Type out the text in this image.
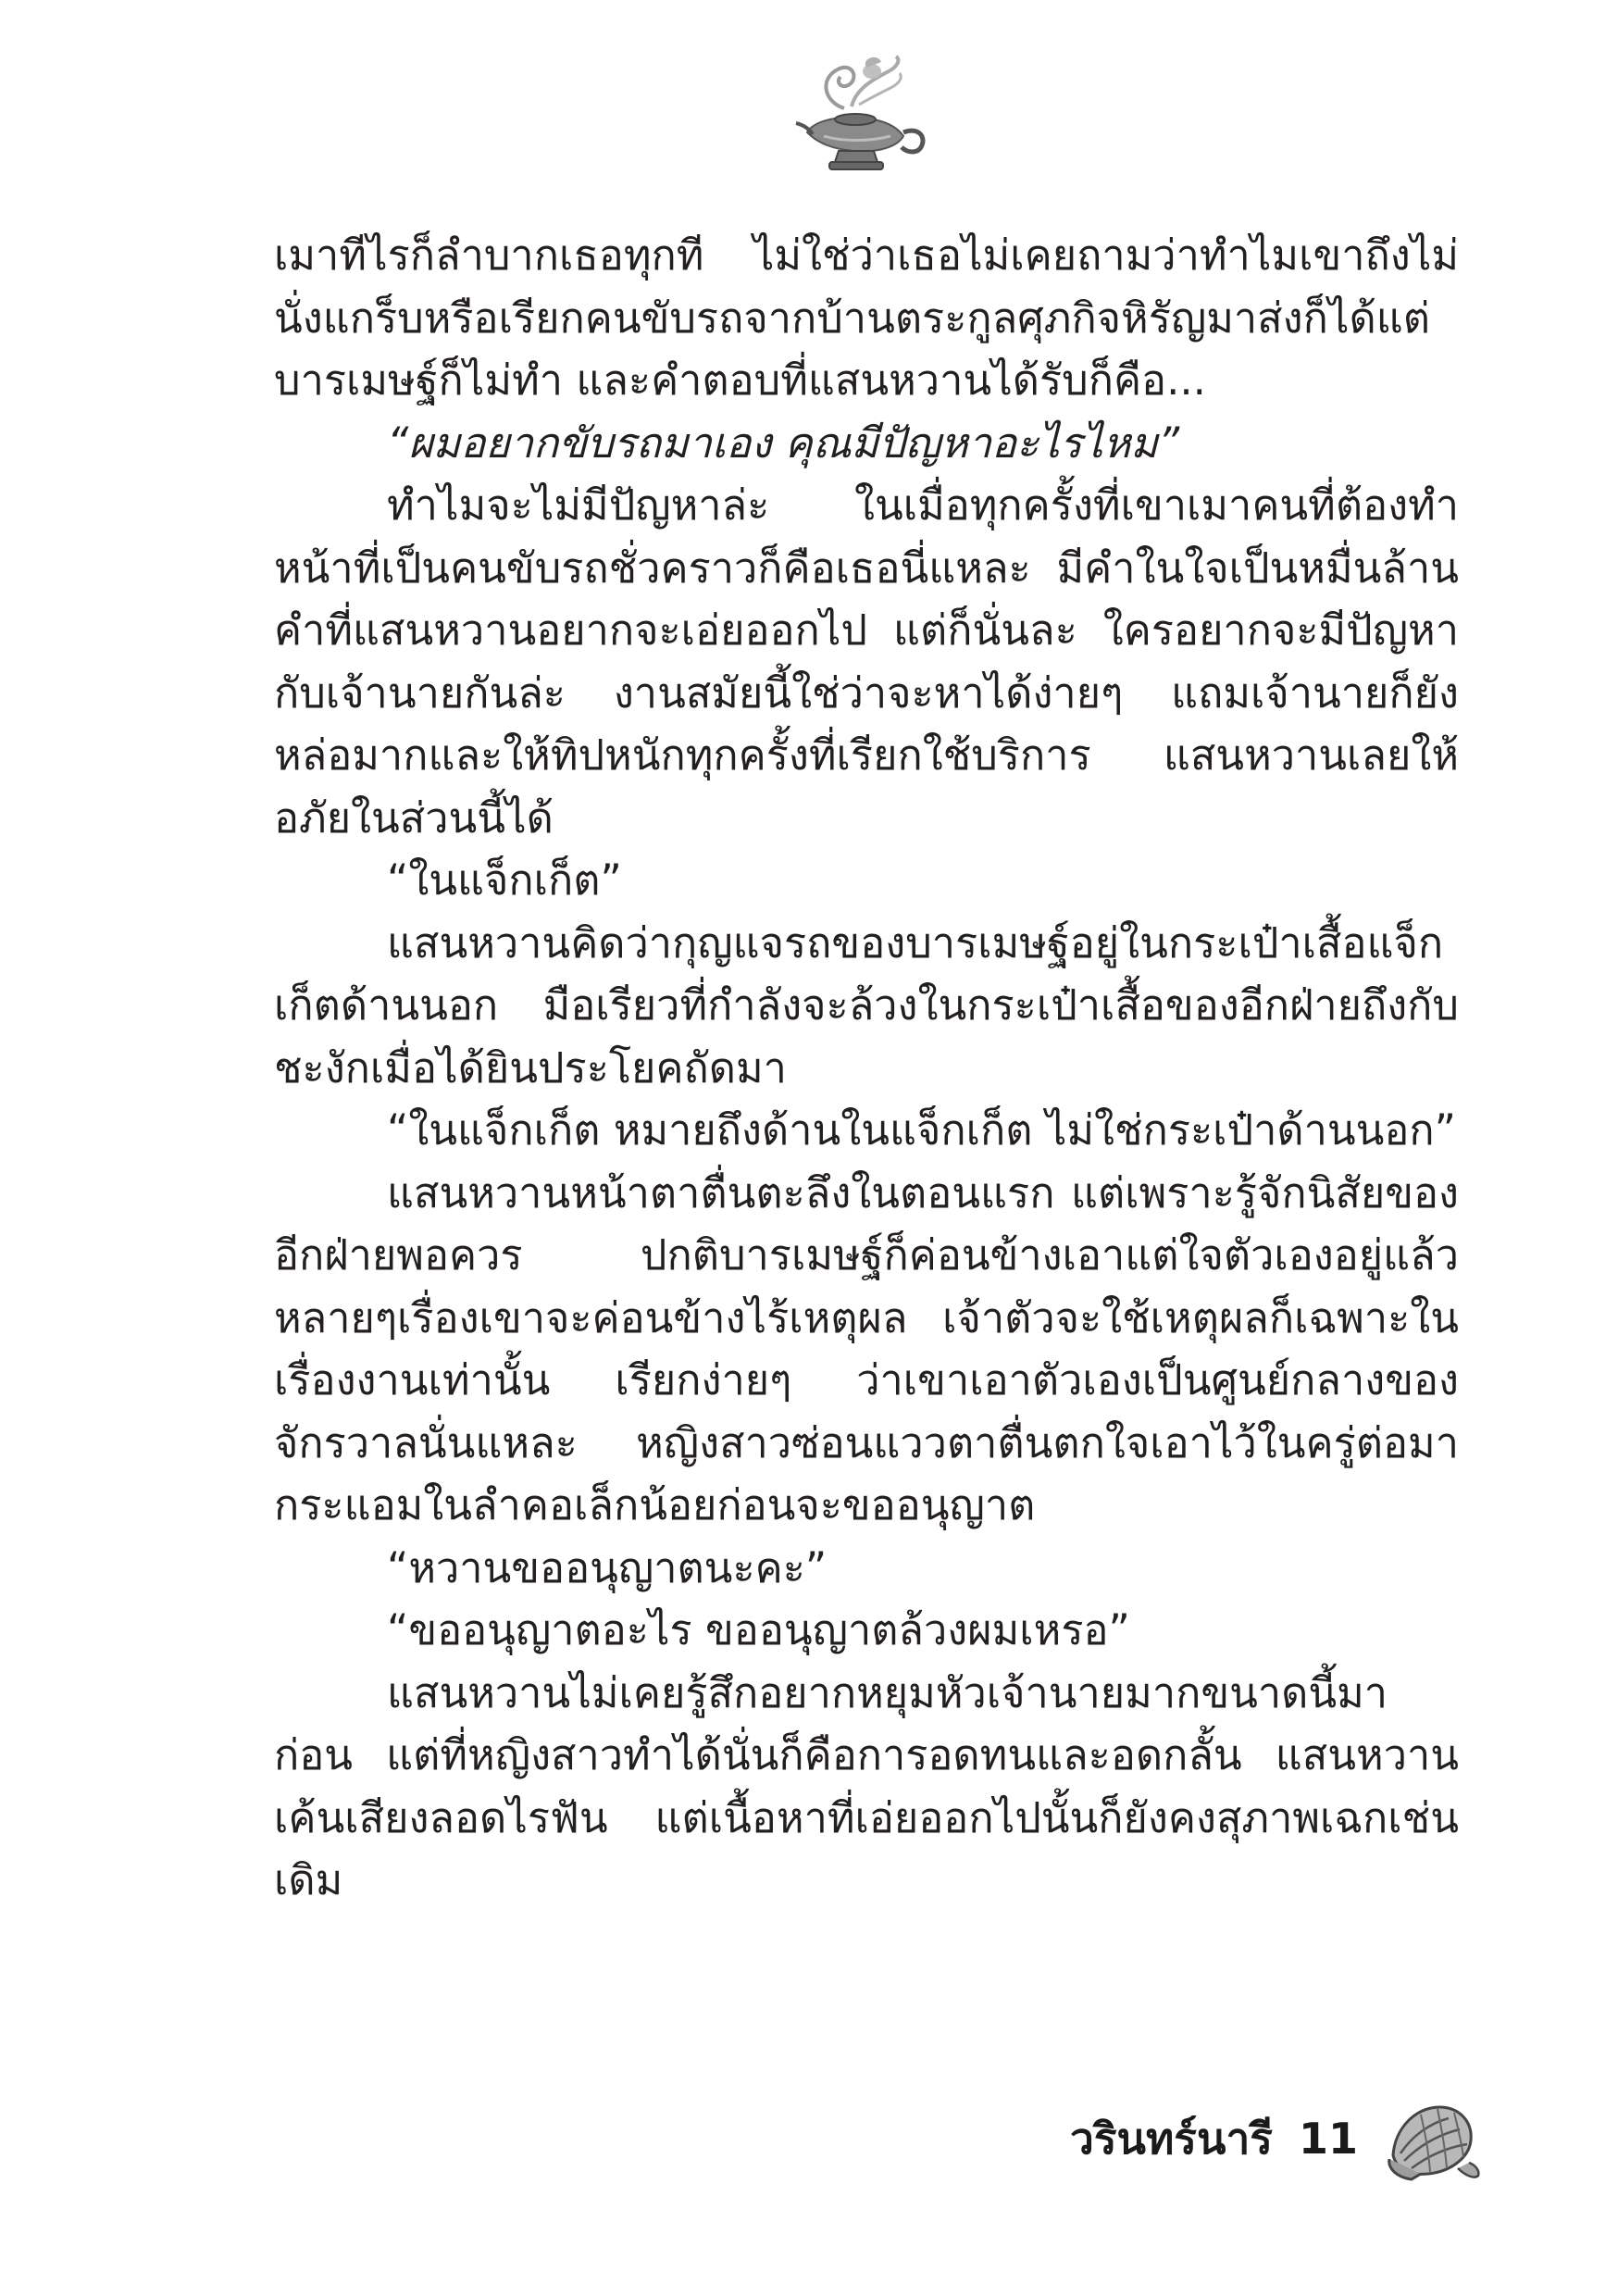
เมาทีไรก็ลำบากเธอทุกที ไม่ใช่ว่าเธอไม่เคยถามว่าทำไมเขาถึงไม่นั่งแกร็บหรือเรียกคนขับรถจากบ้านตระกูลศุภกิจหิรัญมาส่งก็ได้แต่บารเมษฐ์ก็ไม่ทำ และคำตอบที่แสนหวานได้รับก็คือ...

“ผมอยากขับรถมาเอง คุณมีปัญหาอะไรไหม”

ทำไมจะไม่มีปัญหาล่ะ ในเมื่อทุกครั้งที่เขาเมาคนที่ต้องทำหน้าที่เป็นคนขับรถชั่วคราวก็คือเธอนี่แหละ มีคำในใจเป็นหมื่นล้านคำที่แสนหวานอยากจะเอ่ยออกไป แต่ก็นั่นละ ใครอยากจะมีปัญหากับเจ้านายกันล่ะ งานสมัยนี้ใช่ว่าจะหาได้ง่ายๆ แถมเจ้านายก็ยังหล่อมากและให้ทิปหนักทุกครั้งที่เรียกใช้บริการ แสนหวานเลยให้อภัยในส่วนนี้ได้

“ในแจ็กเก็ต”

แสนหวานคิดว่ากุญแจรถของบารเมษฐ์อยู่ในกระเป๋าเสื้อแจ็กเก็ตด้านนอก มือเรียวที่กำลังจะล้วงในกระเป๋าเสื้อของอีกฝ่ายถึงกับชะงักเมื่อได้ยินประโยคถัดมา

“ในแจ็กเก็ต หมายถึงด้านในแจ็กเก็ต ไม่ใช่กระเป๋าด้านนอก”

แสนหวานหน้าตาตื่นตะลึงในตอนแรก แต่เพราะรู้จักนิสัยของอีกฝ่ายพอควร ปกติบารเมษฐ์ก็ค่อนข้างเอาแต่ใจตัวเองอยู่แล้ว หลายๆเรื่องเขาจะค่อนข้างไร้เหตุผล เจ้าตัวจะใช้เหตุผลก็เฉพาะในเรื่องงานเท่านั้น เรียกง่ายๆ ว่าเขาเอาตัวเองเป็นศูนย์กลางของจักรวาลนั่นแหละ หญิงสาวซ่อนแววตาตื่นตกใจเอาไว้ในครู่ต่อมา กระแอมในลำคอเล็กน้อยก่อนจะขออนุญาต

“หวานขออนุญาตนะคะ”

“ขออนุญาตอะไร ขออนุญาตล้วงผมเหรอ”

แสนหวานไม่เคยรู้สึกอยากหยุมหัวเจ้านายมากขนาดนี้มาก่อน แต่ที่หญิงสาวทำได้นั่นก็คือการอดทนและอดกลั้น แสนหวานเค้นเสียงลอดไรฟัน แต่เนื้อหาที่เอ่ยออกไปนั้นก็ยังคงสุภาพเฉกเช่นเดิม

วรินทร์นารี 11
